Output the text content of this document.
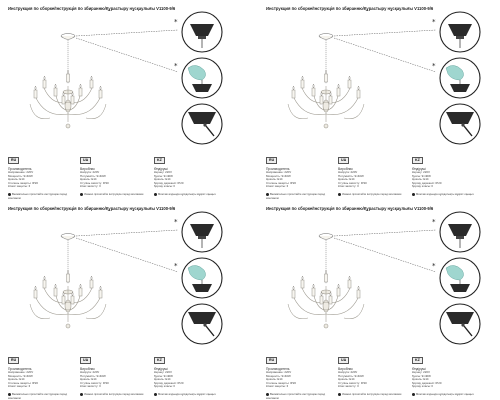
Инструкция по сборке/Інструкція по збиранню/Құрастыру нұсқаулығы V1100-9/6
*
*
RU
Производитель
Напряжение: 220V
Мощность: 9×40W
Цоколь: E14
Степень защиты: IP20
Класс защиты: II
Внимательно прочитайте инструкцию перед монтажом
UA
Виробник
Напруга: 220V
Потужність: 9×40W
Цоколь: E14
Ступінь захисту: IP20
Клас захисту: II
Уважно прочитайте інструкцію перед монтажем
KZ
Өндіруші
Кернеу: 220V
Қуаты: 9×40W
Цоколь: E14
Қорғау дәрежесі: IP20
Қорғау класы: II
Монтаж алдында нұсқаулықты мұқият оқыңыз
Инструкция по сборке/Інструкція по збиранню/Құрастыру нұсқаулығы V1100-9/6
*
*
RU
Производитель
Напряжение: 220V
Мощность: 9×40W
Цоколь: E14
Степень защиты: IP20
Класс защиты: II
Внимательно прочитайте инструкцию перед монтажом
UA
Виробник
Напруга: 220V
Потужність: 9×40W
Цоколь: E14
Ступінь захисту: IP20
Клас захисту: II
Уважно прочитайте інструкцію перед монтажем
KZ
Өндіруші
Кернеу: 220V
Қуаты: 9×40W
Цоколь: E14
Қорғау дәрежесі: IP20
Қорғау класы: II
Монтаж алдында нұсқаулықты мұқият оқыңыз
Инструкция по сборке/Інструкція по збиранню/Құрастыру нұсқаулығы V1100-9/6
*
*
RU
Производитель
Напряжение: 220V
Мощность: 9×40W
Цоколь: E14
Степень защиты: IP20
Класс защиты: II
Внимательно прочитайте инструкцию перед монтажом
UA
Виробник
Напруга: 220V
Потужність: 9×40W
Цоколь: E14
Ступінь захисту: IP20
Клас захисту: II
Уважно прочитайте інструкцію перед монтажем
KZ
Өндіруші
Кернеу: 220V
Қуаты: 9×40W
Цоколь: E14
Қорғау дәрежесі: IP20
Қорғау класы: II
Монтаж алдында нұсқаулықты мұқият оқыңыз
Инструкция по сборке/Інструкція по збиранню/Құрастыру нұсқаулығы V1100-9/6
*
*
RU
Производитель
Напряжение: 220V
Мощность: 9×40W
Цоколь: E14
Степень защиты: IP20
Класс защиты: II
Внимательно прочитайте инструкцию перед монтажом
UA
Виробник
Напруга: 220V
Потужність: 9×40W
Цоколь: E14
Ступінь захисту: IP20
Клас захисту: II
Уважно прочитайте інструкцію перед монтажем
KZ
Өндіруші
Кернеу: 220V
Қуаты: 9×40W
Цоколь: E14
Қорғау дәрежесі: IP20
Қорғау класы: II
Монтаж алдында нұсқаулықты мұқият оқыңыз
